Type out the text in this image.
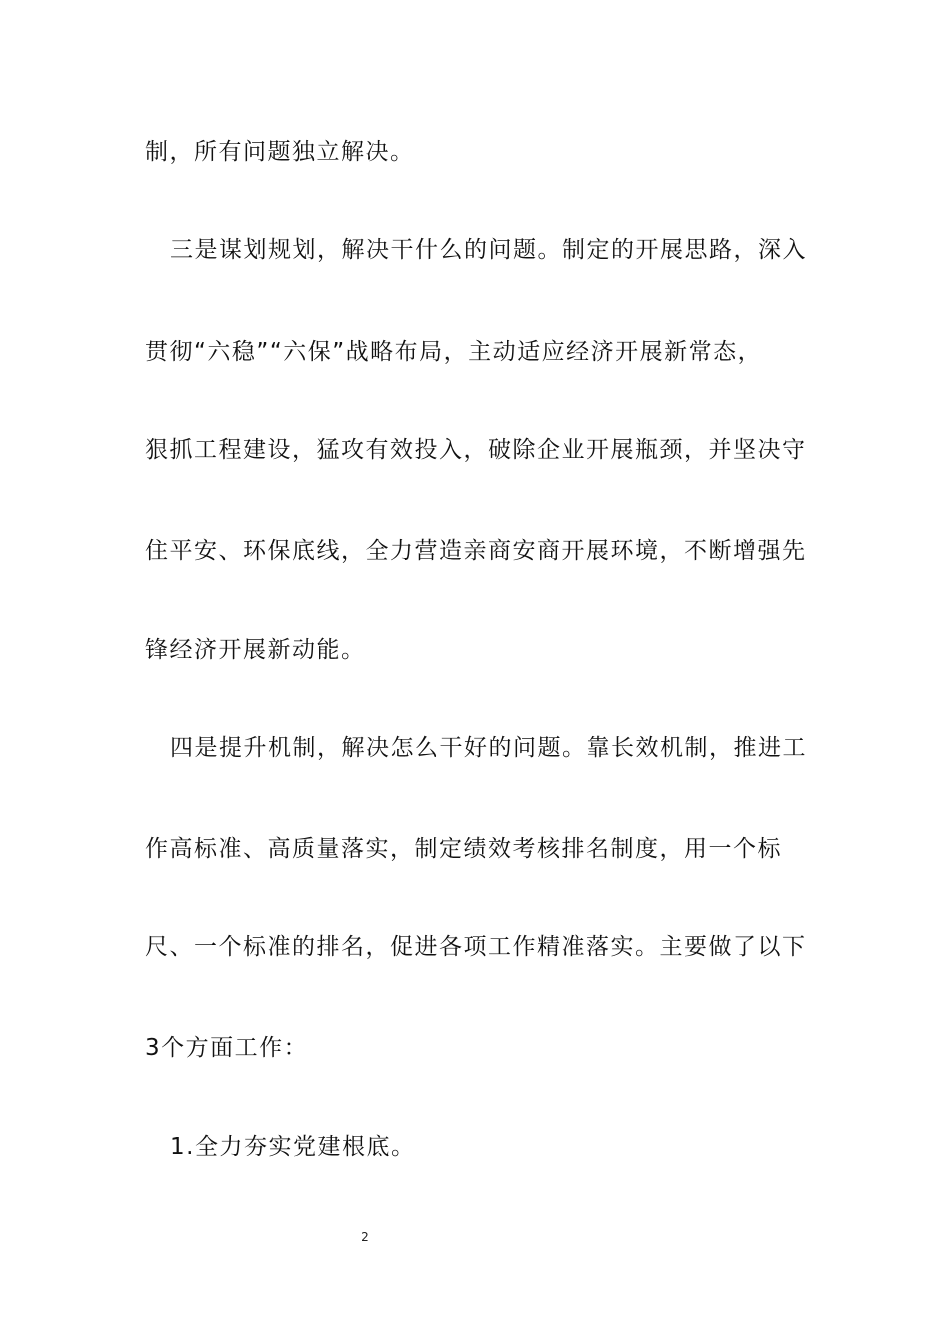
制，所有问题独立解决。
三是谋划规划，解决干什么的问题。制定的开展思路，深入
贯彻“六稳”“六保”战略布局，主动适应经济开展新常态，
狠抓工程建设，猛攻有效投入，破除企业开展瓶颈，并坚决守
住平安、环保底线，全力营造亲商安商开展环境，不断增强先
锋经济开展新动能。
四是提升机制，解决怎么干好的问题。靠长效机制，推进工
作高标准、高质量落实，制定绩效考核排名制度，用一个标
尺、一个标准的排名，促进各项工作精准落实。主要做了以下
3个方面工作：
1.全力夯实党建根底。
2
